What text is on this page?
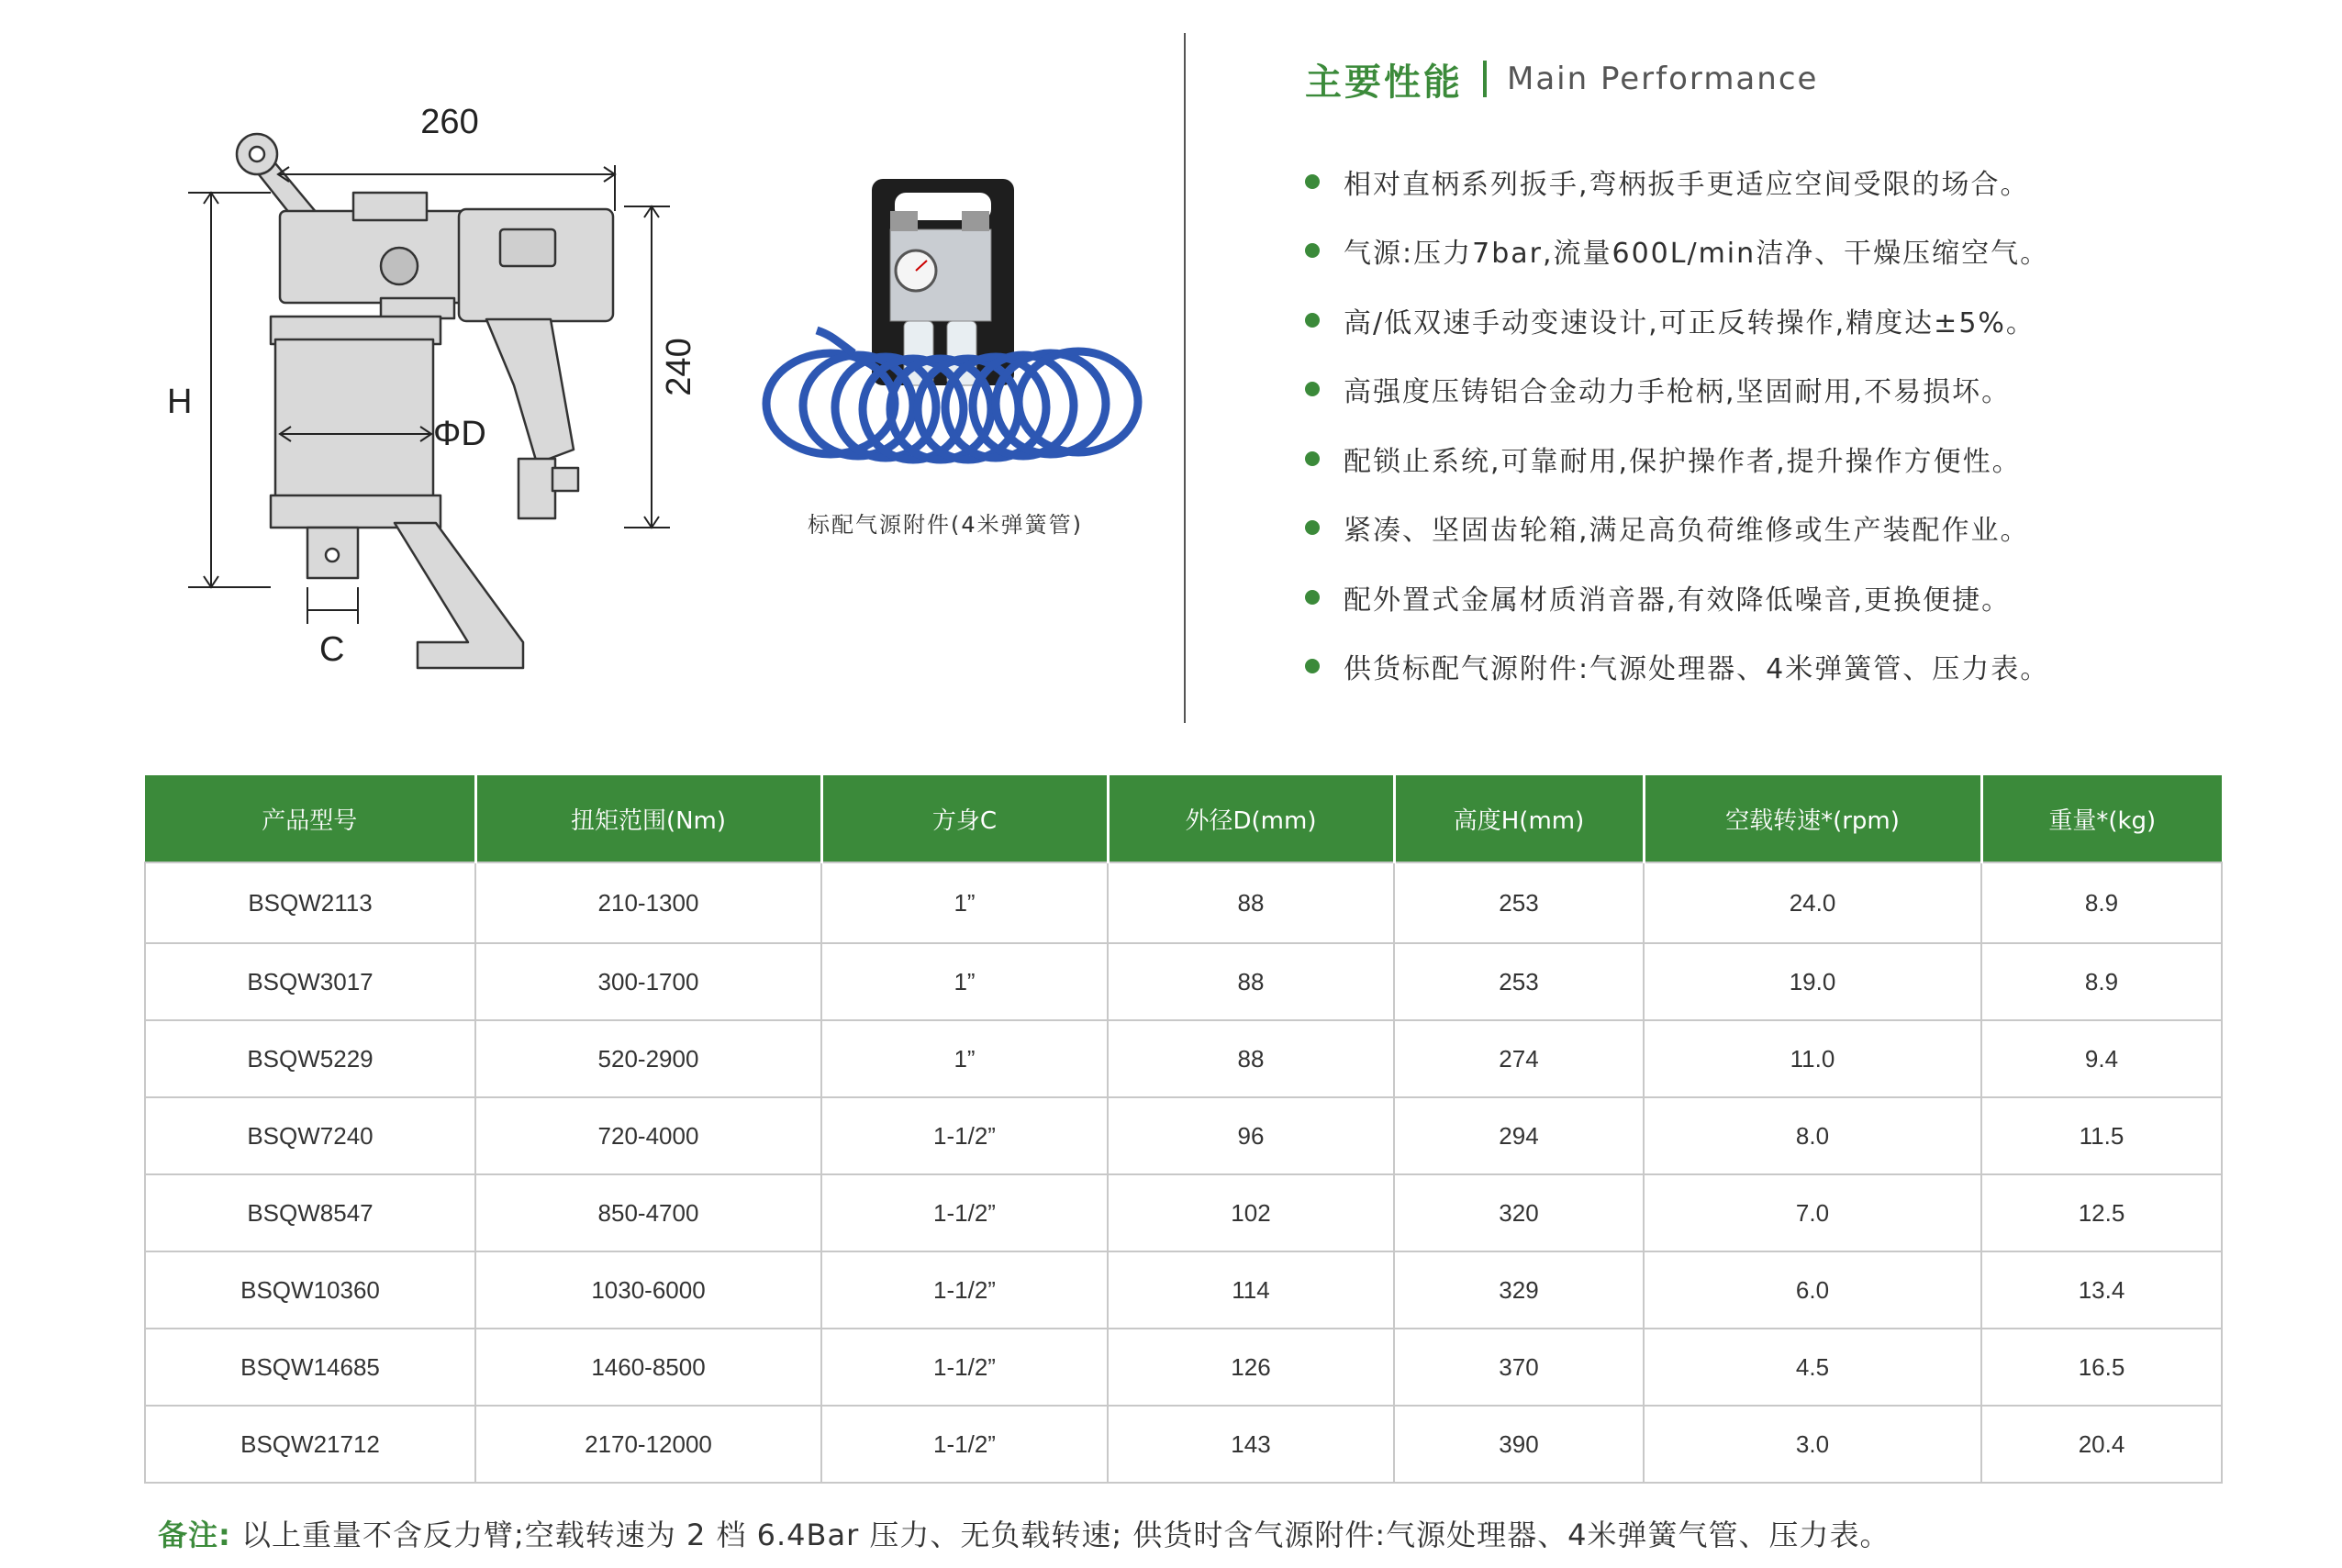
260
240
H
ΦD
C
标配气源附件(4米弹簧管)
主要性能 Main Performance
相对直柄系列扳手,弯柄扳手更适应空间受限的场合。
气源:压力7bar,流量600L/min洁净、干燥压缩空气。
高/低双速手动变速设计,可正反转操作,精度达±5%。
高强度压铸铝合金动力手枪柄,坚固耐用,不易损坏。
配锁止系统,可靠耐用,保护操作者,提升操作方便性。
紧凑、坚固齿轮箱,满足高负荷维修或生产装配作业。
配外置式金属材质消音器,有效降低噪音,更换便捷。
供货标配气源附件:气源处理器、4米弹簧管、压力表。
产品型号	扭矩范围(Nm)	方身C	外径D(mm)	高度H(mm)	空载转速*(rpm)	重量*(kg)
BSQW2113	210-1300	1”	88	253	24.0	8.9
BSQW3017	300-1700	1”	88	253	19.0	8.9
BSQW5229	520-2900	1”	88	274	11.0	9.4
BSQW7240	720-4000	1-1/2”	96	294	8.0	11.5
BSQW8547	850-4700	1-1/2”	102	320	7.0	12.5
BSQW10360	1030-6000	1-1/2”	114	329	6.0	13.4
BSQW14685	1460-8500	1-1/2”	126	370	4.5	16.5
BSQW21712	2170-12000	1-1/2”	143	390	3.0	20.4
备注: 以上重量不含反力臂;空载转速为 2 档 6.4Bar 压力、无负载转速; 供货时含气源附件:气源处理器、4米弹簧气管、压力表。
